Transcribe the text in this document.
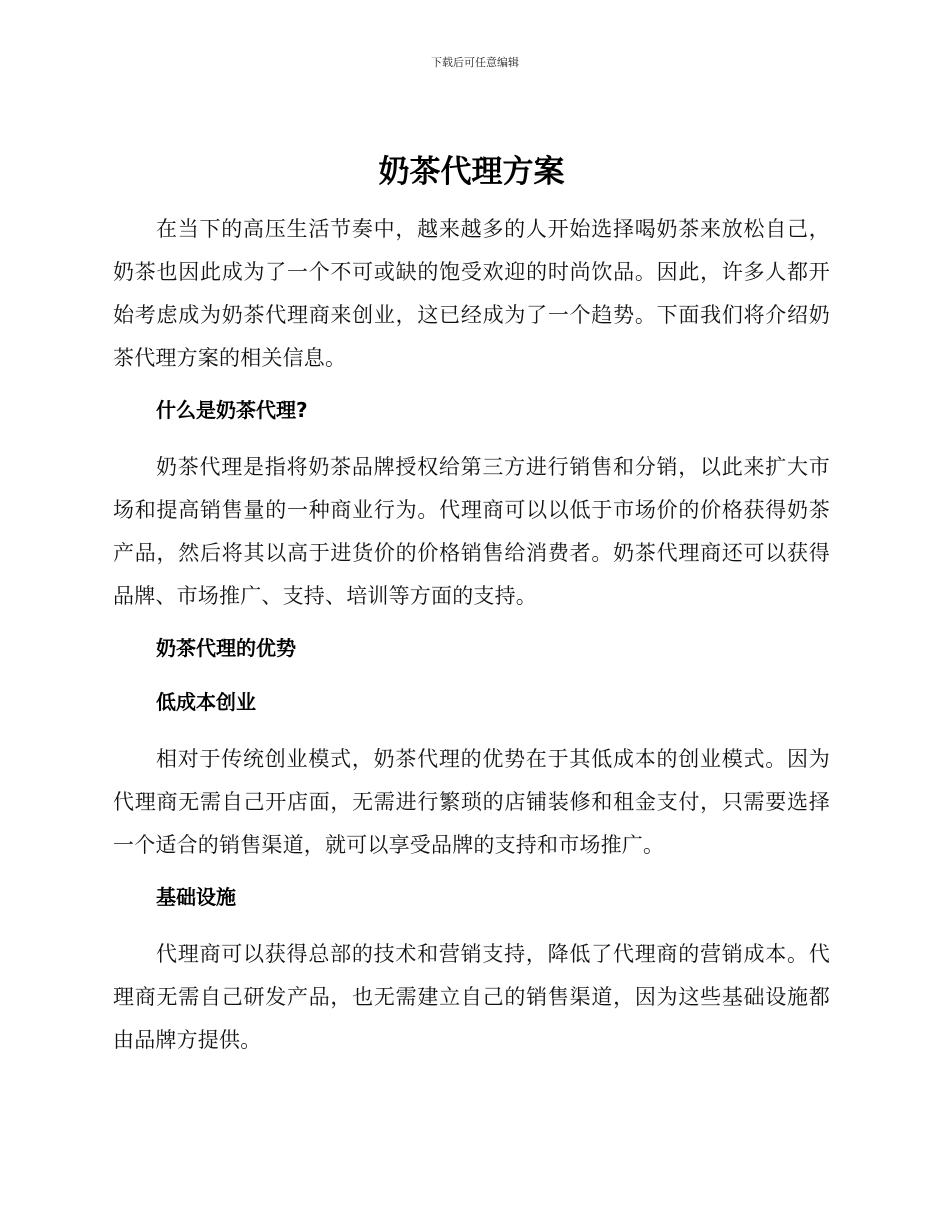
下载后可任意编辑
奶茶代理方案

在当下的高压生活节奏中，越来越多的人开始选择喝奶茶来放松自己，奶茶也因此成为了一个不可或缺的饱受欢迎的时尚饮品。因此，许多人都开始考虑成为奶茶代理商来创业，这已经成为了一个趋势。下面我们将介绍奶茶代理方案的相关信息。

什么是奶茶代理?

奶茶代理是指将奶茶品牌授权给第三方进行销售和分销，以此来扩大市场和提高销售量的一种商业行为。代理商可以以低于市场价的价格获得奶茶产品，然后将其以高于进货价的价格销售给消费者。奶茶代理商还可以获得品牌、市场推广、支持、培训等方面的支持。

奶茶代理的优势
低成本创业

相对于传统创业模式，奶茶代理的优势在于其低成本的创业模式。因为代理商无需自己开店面，无需进行繁琐的店铺装修和租金支付，只需要选择一个适合的销售渠道，就可以享受品牌的支持和市场推广。

基础设施

代理商可以获得总部的技术和营销支持，降低了代理商的营销成本。代理商无需自己研发产品，也无需建立自己的销售渠道，因为这些基础设施都由品牌方提供。
